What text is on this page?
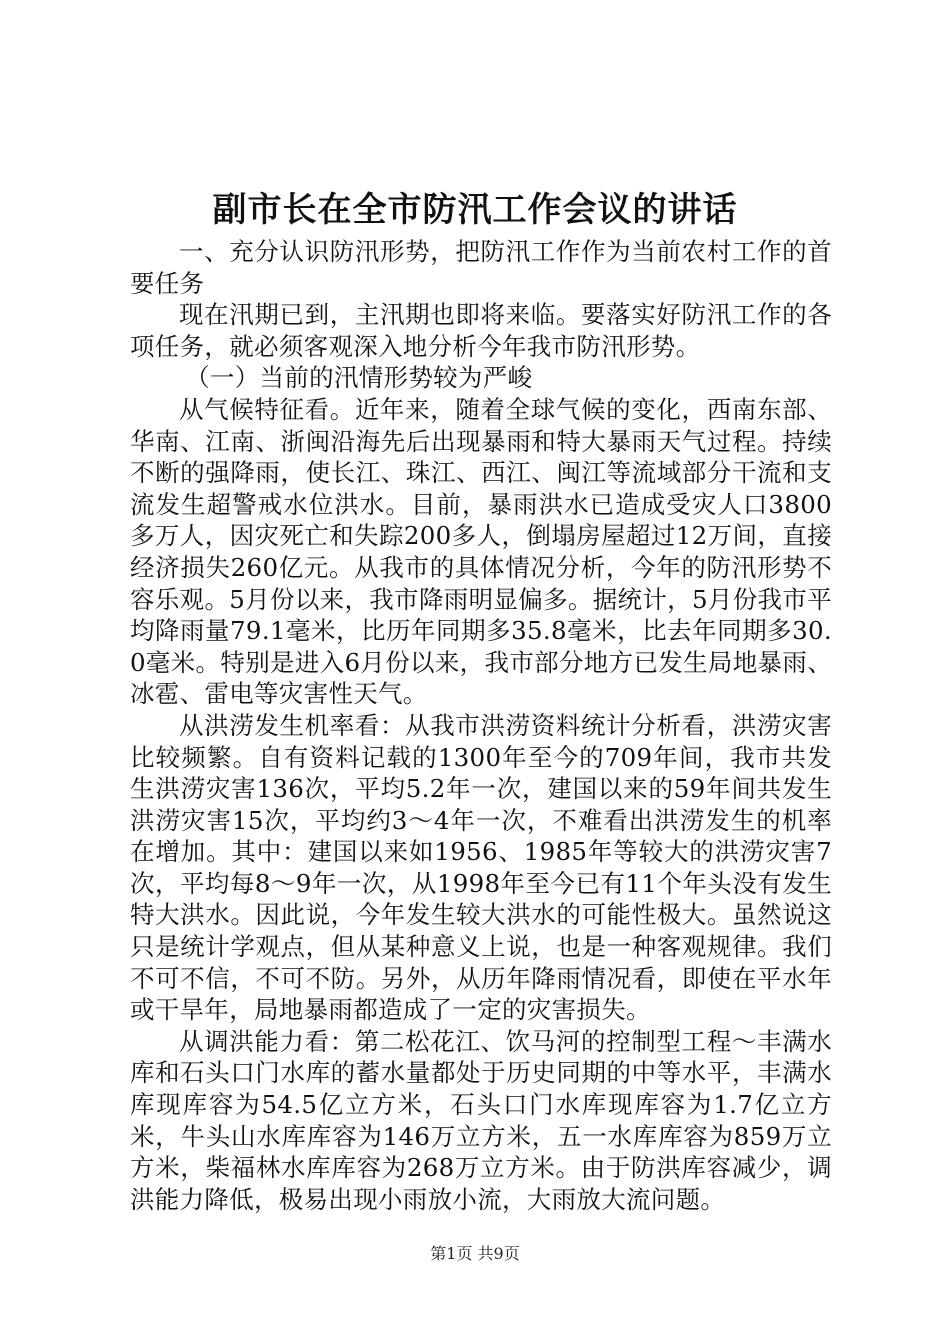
副市长在全市防汛工作会议的讲话

一、充分认识防汛形势，把防汛工作作为当前农村工作的首要任务

现在汛期已到，主汛期也即将来临。要落实好防汛工作的各项任务，就必须客观深入地分析今年我市防汛形势。

（一）当前的汛情形势较为严峻

从气候特征看。近年来，随着全球气候的变化，西南东部、华南、江南、浙闽沿海先后出现暴雨和特大暴雨天气过程。持续不断的强降雨，使长江、珠江、西江、闽江等流域部分干流和支流发生超警戒水位洪水。目前，暴雨洪水已造成受灾人口3800多万人，因灾死亡和失踪200多人，倒塌房屋超过12万间，直接经济损失260亿元。从我市的具体情况分析，今年的防汛形势不容乐观。5月份以来，我市降雨明显偏多。据统计，5月份我市平均降雨量79.1毫米，比历年同期多35.8毫米，比去年同期多30.0毫米。特别是进入6月份以来，我市部分地方已发生局地暴雨、冰雹、雷电等灾害性天气。

从洪涝发生机率看：从我市洪涝资料统计分析看，洪涝灾害比较频繁。自有资料记载的1300年至今的709年间，我市共发生洪涝灾害136次，平均5.2年一次，建国以来的59年间共发生洪涝灾害15次，平均约3～4年一次，不难看出洪涝发生的机率在增加。其中：建国以来如1956、1985年等较大的洪涝灾害7次，平均每8～9年一次，从1998年至今已有11个年头没有发生特大洪水。因此说，今年发生较大洪水的可能性极大。虽然说这只是统计学观点，但从某种意义上说，也是一种客观规律。我们不可不信，不可不防。另外，从历年降雨情况看，即使在平水年或干旱年，局地暴雨都造成了一定的灾害损失。

从调洪能力看：第二松花江、饮马河的控制型工程～丰满水库和石头口门水库的蓄水量都处于历史同期的中等水平，丰满水库现库容为54.5亿立方米，石头口门水库现库容为1.7亿立方米，牛头山水库库容为146万立方米，五一水库库容为859万立方米，柴福林水库库容为268万立方米。由于防洪库容减少，调洪能力降低，极易出现小雨放小流，大雨放大流问题。

第1页 共9页
